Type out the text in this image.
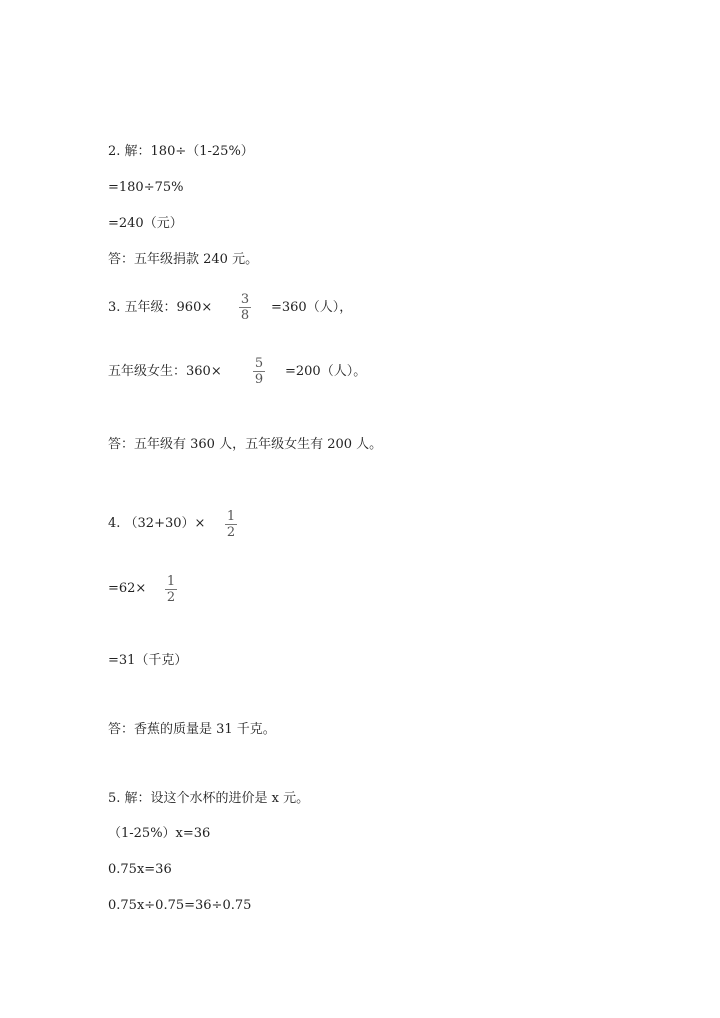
2. 解：180÷（1-25%）
=180÷75%
=240（元）
答：五年级捐款 240 元。
3. 五年级：960×
3
8
=360（人），
五年级女生：360×
5
9
=200（人）。
答：五年级有 360 人，五年级女生有 200 人。
4. （32+30）× 1
2
=62× 1
2
=31（千克）
答：香蕉的质量是 31 千克。
5. 解：设这个水杯的进价是 x 元。
（1-25%）x=36
0.75x=36
0.75x÷0.75=36÷0.75
